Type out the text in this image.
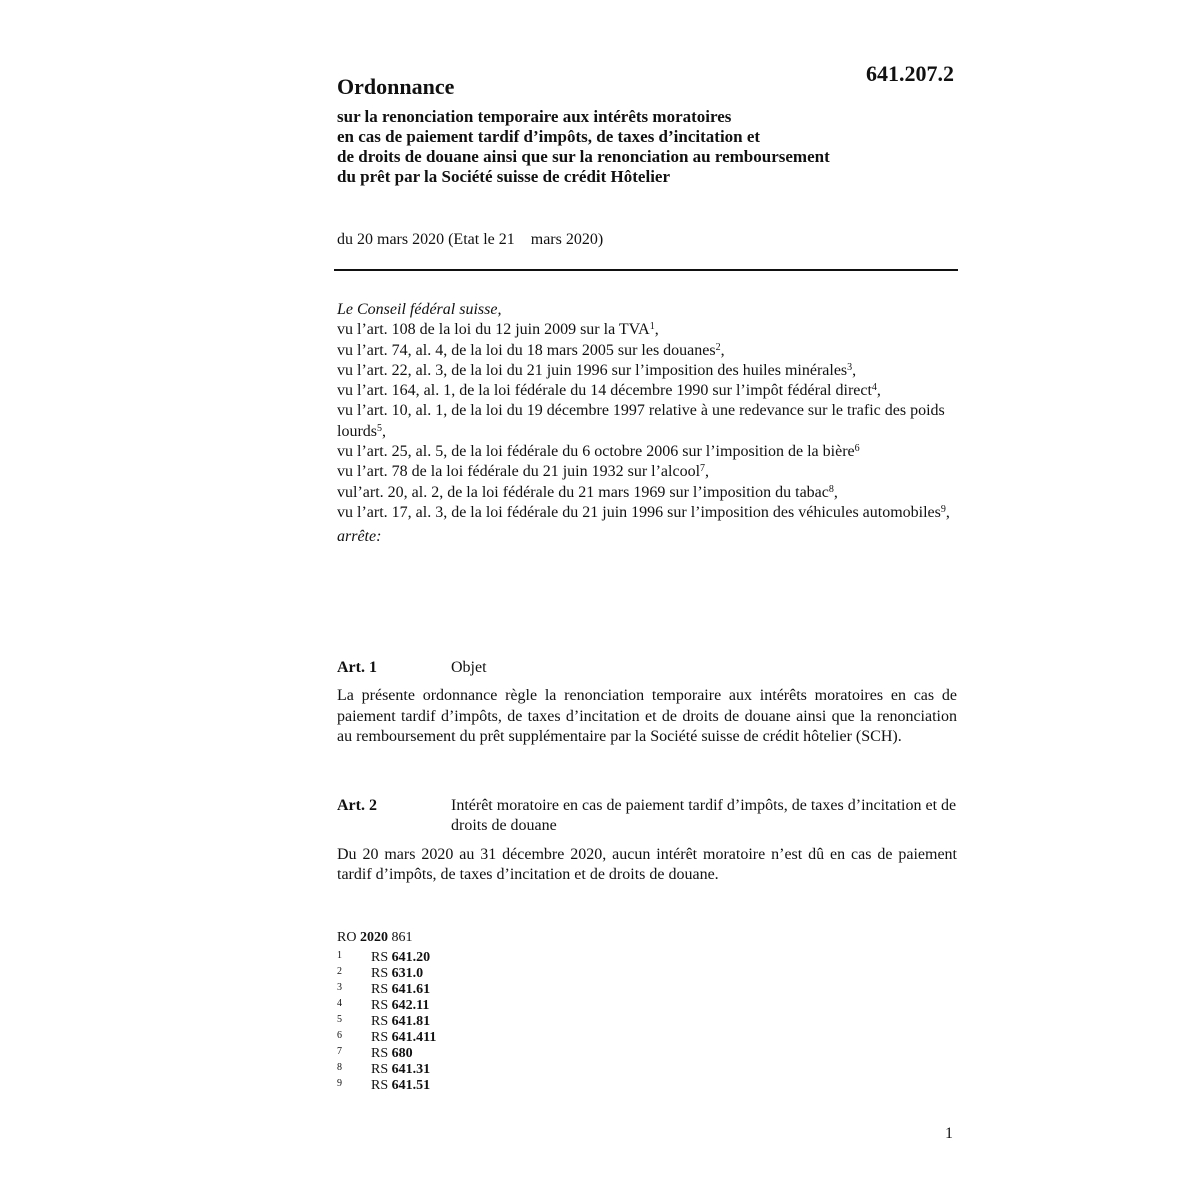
641.207.2
Ordonnance
sur la renonciation temporaire aux intérêts moratoires
en cas de paiement tardif d’impôts, de taxes d’incitation et
de droits de douane ainsi que sur la renonciation au remboursement
du prêt par la Société suisse de crédit Hôtelier
du 20 mars 2020 (Etat le 21    mars 2020)
Le Conseil fédéral suisse,
vu l’art. 108 de la loi du 12 juin 2009 sur la TVA$^1$,
vu l’art. 74, al. 4, de la loi du 18 mars 2005 sur les douanes$^2$,
vu l’art. 22, al. 3, de la loi du 21 juin 1996 sur l’imposition des huiles minérales$^3$,
vu l’art. 164, al. 1, de la loi fédérale du 14 décembre 1990 sur l’impôt fédéral direct$^4$,
vu l’art. 10, al. 1, de la loi du 19 décembre 1997 relative à une redevance sur le trafic des poids lourds$^5$,
vu l’art. 25, al. 5, de la loi fédérale du 6 octobre 2006 sur l’imposition de la bière$^6$
vu l’art. 78 de la loi fédérale du 21 juin 1932 sur l’alcool$^7$,
vul’art. 20, al. 2, de la loi fédérale du 21 mars 1969 sur l’imposition du tabac$^8$,
vu l’art. 17, al. 3, de la loi fédérale du 21 juin 1996 sur l’imposition des véhicules automobiles$^9$,
arrête:
Art. 1	Objet
La présente ordonnance règle la renonciation temporaire aux intérêts moratoires en cas de paiement tardif d’impôts, de taxes d’incitation et de droits de douane ainsi que la renonciation au remboursement du prêt supplémentaire par la Société suisse de crédit hôtelier (SCH).
Art. 2	Intérêt moratoire en cas de paiement tardif d’impôts, de taxes d’incitation et de droits de douane
Du 20 mars 2020 au 31 décembre 2020, aucun intérêt moratoire n’est dû en cas de paiement tardif d’impôts, de taxes d’incitation et de droits de douane.
RO 2020 861
1	RS 641.20
2	RS 631.0
3	RS 641.61
4	RS 642.11
5	RS 641.81
6	RS 641.411
7	RS 680
8	RS 641.31
9	RS 641.51
1
